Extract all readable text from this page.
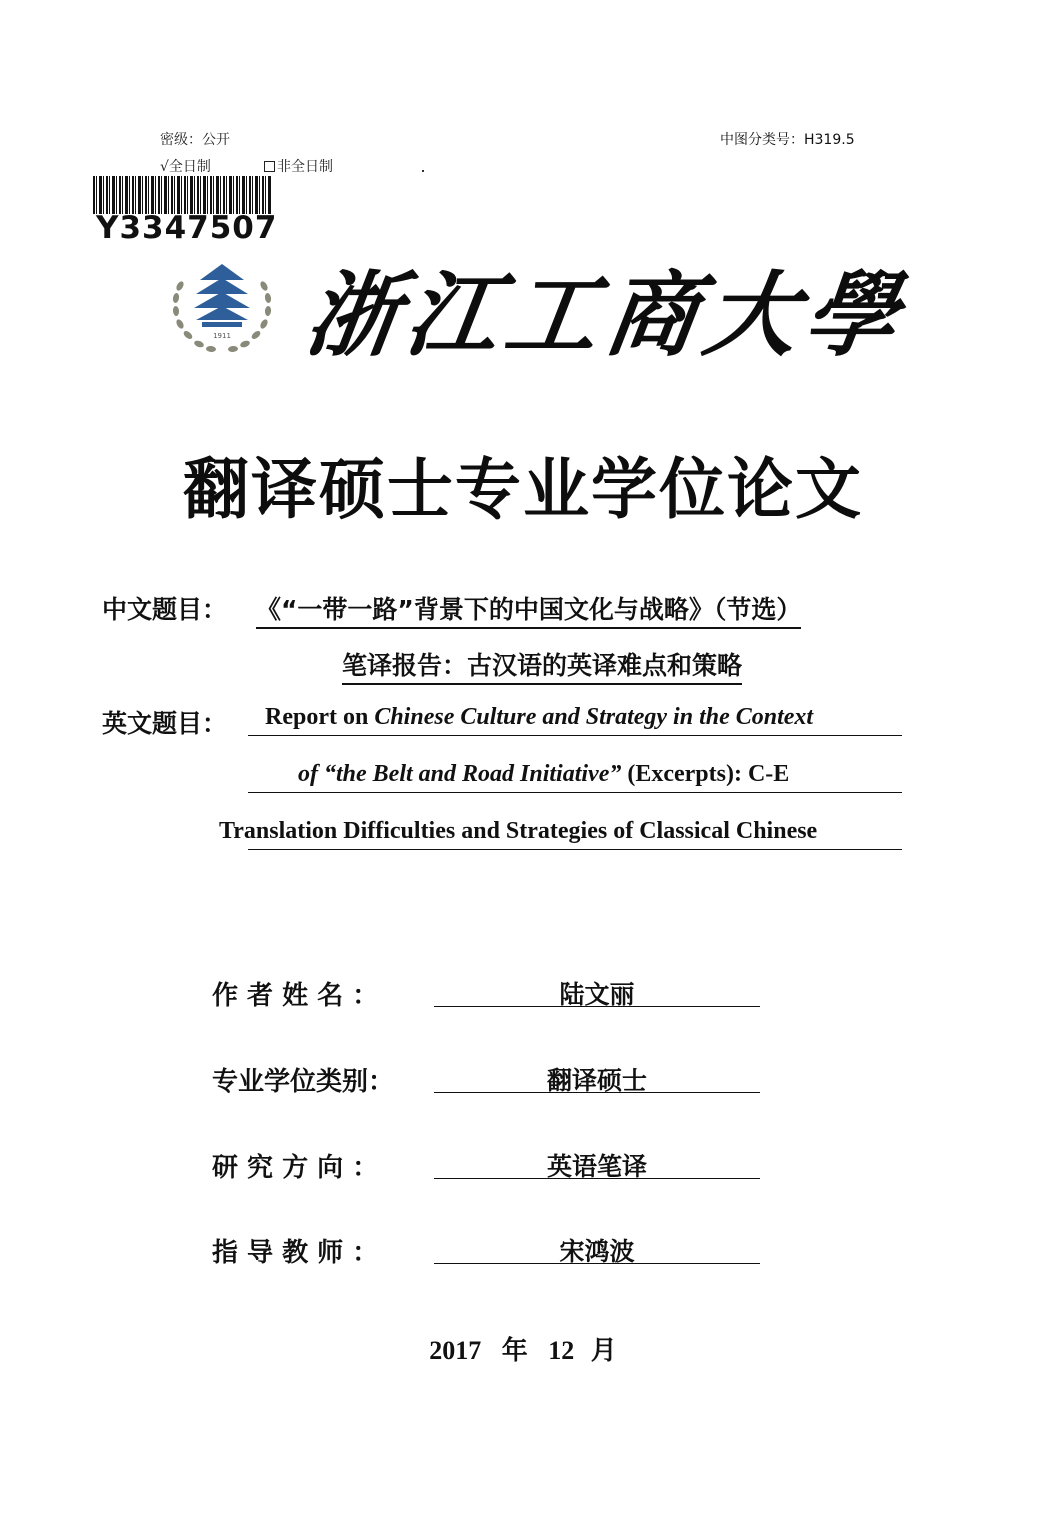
密级：公开	中图分类号：H319.5
√全日制	非全日制
Y3347507
1911 浙
江
工
商
大
學
翻译硕士专业学位论文
中文题目： 《“一带一路”背景下的中国文化与战略》（节选）
笔译报告：古汉语的英译难点和策略
英文题目： Report on Chinese Culture and Strategy in the Context
of “the Belt and Road Initiative” (Excerpts): C-E
Translation Difficulties and Strategies of Classical Chinese
作 者 姓 名 ：	陆文丽
专业学位类别：	翻译硕士
研 究 方 向 ：	英语笔译
指 导 教 师 ：	宋鸿波
2017 年 12 月
